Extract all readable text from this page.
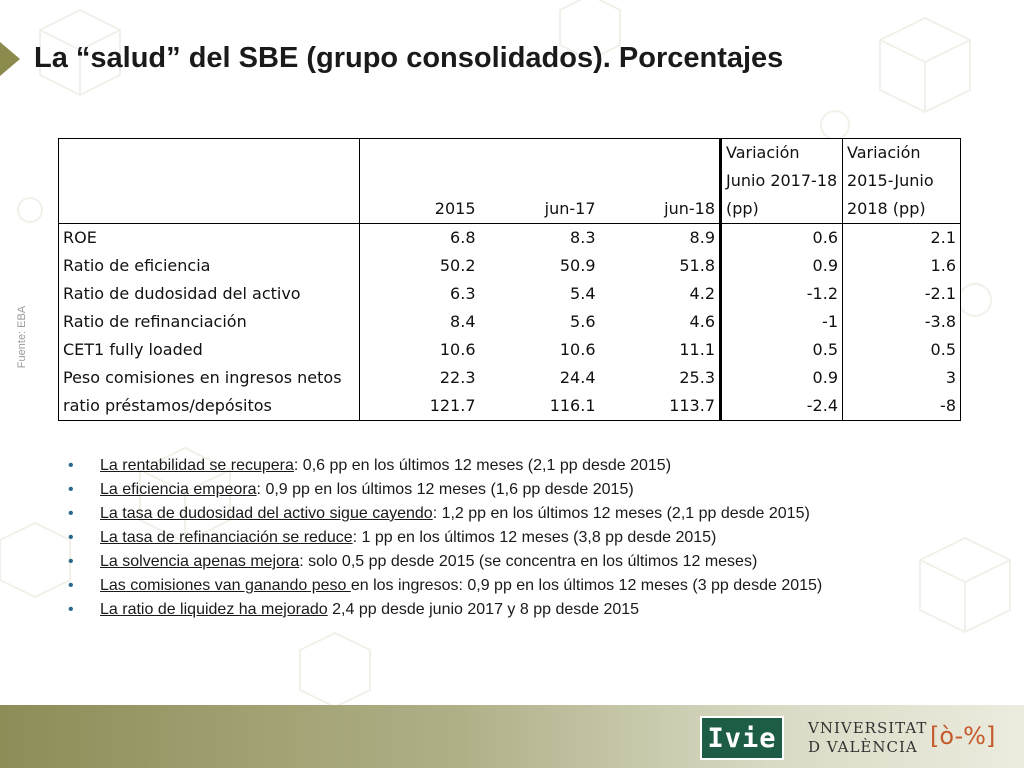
La “salud” del SBE (grupo consolidados). Porcentajes
Fuente: EBA
	2015	jun-17	jun-18	Variación Junio 2017-18 (pp)	Variación 2015-Junio 2018 (pp)
ROE	6.8	8.3	8.9	0.6	2.1
Ratio de eficiencia	50.2	50.9	51.8	0.9	1.6
Ratio de dudosidad del activo	6.3	5.4	4.2	-1.2	-2.1
Ratio de refinanciación	8.4	5.6	4.6	-1	-3.8
CET1 fully loaded	10.6	10.6	11.1	0.5	0.5
Peso comisiones en ingresos netos	22.3	24.4	25.3	0.9	3
ratio préstamos/depósitos	121.7	116.1	113.7	-2.4	-8
• La rentabilidad se recupera: 0,6 pp en los últimos 12 meses (2,1 pp desde 2015)
• La eficiencia empeora: 0,9 pp en los últimos 12 meses (1,6 pp desde 2015)
• La tasa de dudosidad del activo sigue cayendo: 1,2 pp en los últimos 12 meses (2,1 pp desde 2015)
• La tasa de refinanciación se reduce: 1 pp en los últimos 12 meses (3,8 pp desde 2015)
• La solvencia apenas mejora: solo 0,5 pp desde 2015 (se concentra en los últimos 12 meses)
• Las comisiones van ganando peso en los ingresos: 0,9 pp en los últimos 12 meses (3 pp desde 2015)
• La ratio de liquidez ha mejorado 2,4 pp desde junio 2017 y 8 pp desde 2015
Ivie	VNIVERSITAT
D VALÈNCIA [ò-%]
